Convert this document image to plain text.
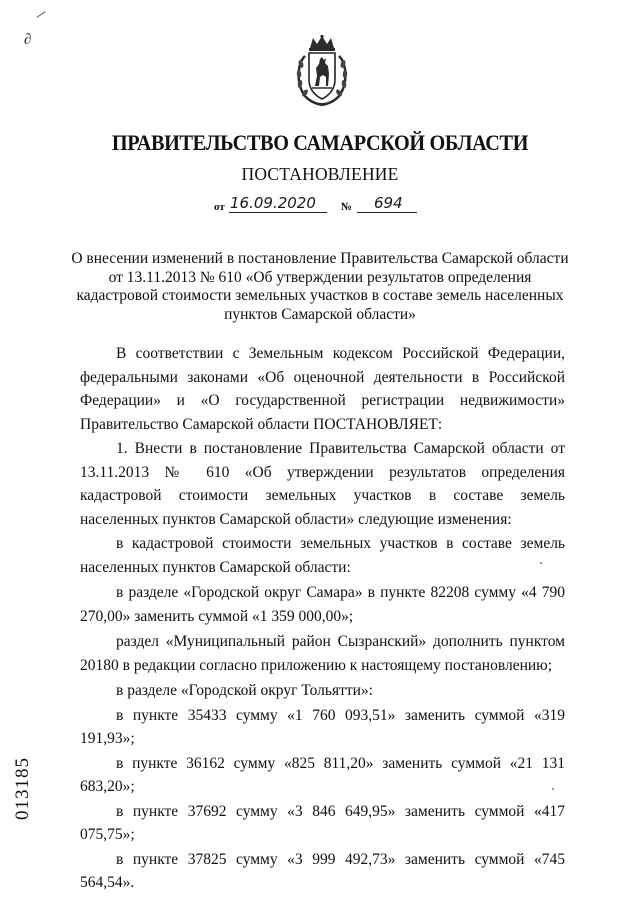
∂
ПРАВИТЕЛЬСТВО САМАРСКОЙ ОБЛАСТИ
ПОСТАНОВЛЕНИЕ
от 16.09.2020 № 694
О внесении изменений в постановление Правительства Самарской области от 13.11.2013 № 610 «Об утверждении результатов определения кадастровой стоимости земельных участков в составе земель населенных пунктов Самарской области»

В соответствии с Земельным кодексом Российской Федерации, федеральными законами «Об оценочной деятельности в Российской Федерации» и «О государственной регистрации недвижимости» Правительство Самарской области ПОСТАНОВЛЯЕТ:

1. Внести в постановление Правительства Самарской области от 13.11.2013 № 610 «Об утверждении результатов определения кадастровой стоимости земельных участков в составе земель населенных пунктов Самарской области» следующие изменения:

в кадастровой стоимости земельных участков в составе земель населенных пунктов Самарской области:

в разделе «Городской округ Самара» в пункте 82208 сумму «4 790 270,00» заменить суммой «1 359 000,00»;

раздел «Муниципальный район Сызранский» дополнить пунктом 20180 в редакции согласно приложению к настоящему постановлению;

в разделе «Городской округ Тольятти»:

в пункте 35433 сумму «1 760 093,51» заменить суммой «319 191,93»;

в пункте 36162 сумму «825 811,20» заменить суммой «21 131 683,20»;

в пункте 37692 сумму «3 846 649,95» заменить суммой «417 075,75»;

в пункте 37825 сумму «3 999 492,73» заменить суммой «745 564,54».

013185
